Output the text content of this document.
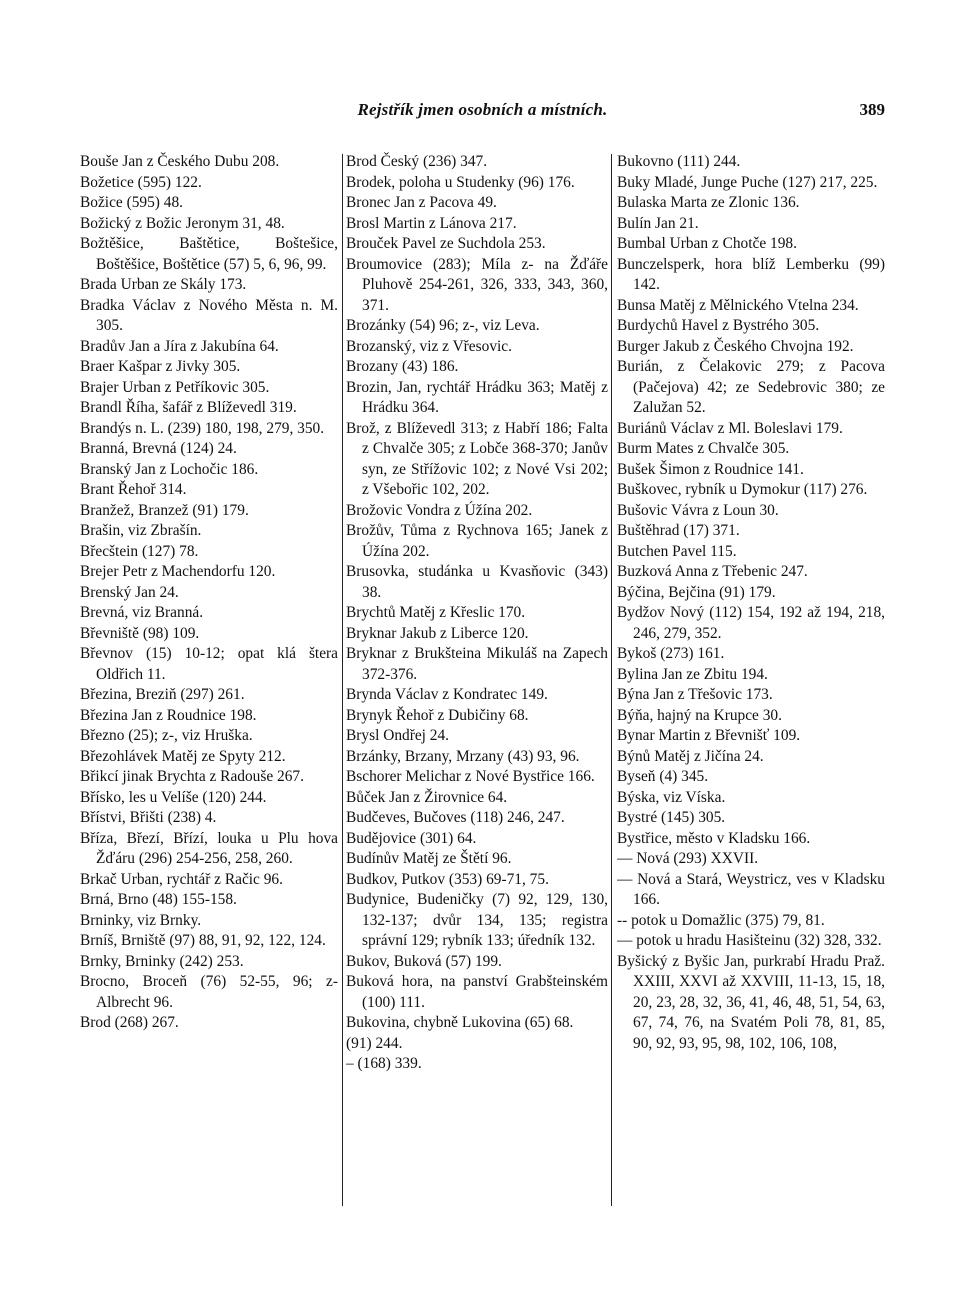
Rejstřík jmen osobních a místních.	389

Bouše Jan z Českého Dubu 208.

Božetice (595) 122.

Božice (595) 48.

Božický z Božic Jeronym 31, 48.

Božtěšice, Baštětice, Boštešice, Boštěšice, Boštětice (57) 5, 6, 96, 99.

Brada Urban ze Skály 173.

Bradka Václav z Nového Města n. M. 305.

Bradův Jan a Jíra z Jakubína 64.

Braer Kašpar z Jivky 305.

Brajer Urban z Petříkovic 305.

Brandl Říha, šafář z Blíževedl 319.

Brandýs n. L. (239) 180, 198, 279, 350.

Branná, Brevná (124) 24.

Branský Jan z Lochočic 186.

Brant Řehoř 314.

Branžež, Branzež (91) 179.

Brašin, viz Zbrašín.

Břecštein (127) 78.

Brejer Petr z Machendorfu 120.

Brenský Jan 24.

Brevná, viz Branná.

Břevniště (98) 109.

Břevnov (15) 10-12; opat klá štera Oldřich 11.

Březina, Breziň (297) 261.

Březina Jan z Roudnice 198.

Březno (25); z-, viz Hruška.

Březohlávek Matěj ze Spyty 212.

Břikcí jinak Brychta z Radouše 267.

Břísko, les u Velíše (120) 244.

Břístvi, Břišti (238) 4.

Bříza, Březí, Břízí, louka u Plu hova Žďáru (296) 254-256, 258, 260.

Brkač Urban, rychtář z Račic 96.

Brná, Brno (48) 155-158.

Brninky, viz Brnky.

Brníš, Brniště (97) 88, 91, 92, 122, 124.

Brnky, Brninky (242) 253.

Brocno, Broceň (76) 52-55, 96; z- Albrecht 96.

Brod (268) 267.

Brod Český (236) 347.

Brodek, poloha u Studenky (96) 176.

Bronec Jan z Pacova 49.

Brosl Martin z Lánova 217.

Brouček Pavel ze Suchdola 253.

Broumovice (283); Míla z- na Žďáře Pluhově 254-261, 326, 333, 343, 360, 371.

Brozánky (54) 96; z-, viz Leva.

Brozanský, viz z Vřesovic.

Brozany (43) 186.

Brozin, Jan, rychtář Hrádku 363; Matěj z Hrádku 364.

Brož, z Blíževedl 313; z Habří 186; Falta z Chvalče 305; z Lobče 368-370; Janův syn, ze Střížovic 102; z Nové Vsi 202; z Všebořic 102, 202.

Brožovic Vondra z Úžína 202.

Brožův, Tůma z Rychnova 165; Janek z Úžína 202.

Brusovka, studánka u Kvasňovic (343) 38.

Brychtů Matěj z Křeslic 170.

Bryknar Jakub z Liberce 120.

Bryknar z Brukšteina Mikuláš na Zapech 372-376.

Brynda Václav z Kondratec 149.

Brynyk Řehoř z Dubičiny 68.

Brysl Ondřej 24.

Brzánky, Brzany, Mrzany (43) 93, 96.

Bschorer Melichar z Nové Bystřice 166.

Bůček Jan z Žirovnice 64.

Budčeves, Bučoves (118) 246, 247.

Budějovice (301) 64.

Budínův Matěj ze Štětí 96.

Budkov, Putkov (353) 69-71, 75.

Budynice, Budeničky (7) 92, 129, 130, 132-137; dvůr 134, 135; registra správní 129; rybník 133; úředník 132.

Bukov, Buková (57) 199.

Buková hora, na panství Grabšteinském (100) 111.

Bukovina, chybně Lukovina (65) 68.

(91) 244.

– (168) 339.

Bukovno (111) 244.

Buky Mladé, Junge Puche (127) 217, 225.

Bulaska Marta ze Zlonic 136.

Bulín Jan 21.

Bumbal Urban z Chotče 198.

Bunczelsperk, hora blíž Lemberku (99) 142.

Bunsa Matěj z Mělnického Vtelna 234.

Burdychů Havel z Bystrého 305.

Burger Jakub z Českého Chvojna 192.

Burián, z Čelakovic 279; z Pacova (Pačejova) 42; ze Sedebrovic 380; ze Zalužan 52.

Buriánů Václav z Ml. Boleslavi 179.

Burm Mates z Chvalče 305.

Bušek Šimon z Roudnice 141.

Buškovec, rybník u Dymokur (117) 276.

Bušovic Vávra z Loun 30.

Buštěhrad (17) 371.

Butchen Pavel 115.

Buzková Anna z Třebenic 247.

Býčina, Bejčina (91) 179.

Bydžov Nový (112) 154, 192 až 194, 218, 246, 279, 352.

Bykoš (273) 161.

Bylina Jan ze Zbitu 194.

Býna Jan z Třešovic 173.

Býňa, hajný na Krupce 30.

Bynar Martin z Břevnišť 109.

Býnů Matěj z Jičína 24.

Byseň (4) 345.

Býska, viz Víska.

Bystré (145) 305.

Bystřice, město v Kladsku 166.

— Nová (293) XXVII.

— Nová a Stará, Weystricz, ves v Kladsku 166.

-- potok u Domažlic (375) 79, 81.

— potok u hradu Hasišteinu (32) 328, 332.

Byšický z Byšic Jan, purkrabí Hradu Praž. XXIII, XXVI až XXVIII, 11-13, 15, 18, 20, 23, 28, 32, 36, 41, 46, 48, 51, 54, 63, 67, 74, 76, na Svatém Poli 78, 81, 85, 90, 92, 93, 95, 98, 102, 106, 108,
